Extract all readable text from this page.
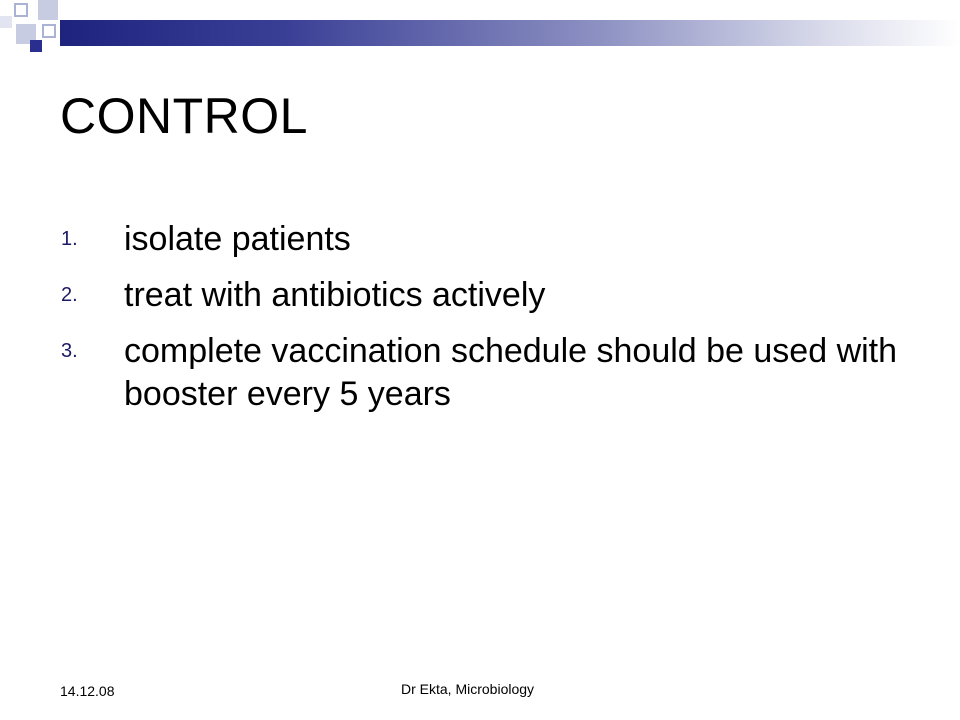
CONTROL
1.	isolate patients
2.	treat with antibiotics actively
3.	complete vaccination schedule should be used with booster every 5 years
14.12.08	Dr Ekta, Microbiology
